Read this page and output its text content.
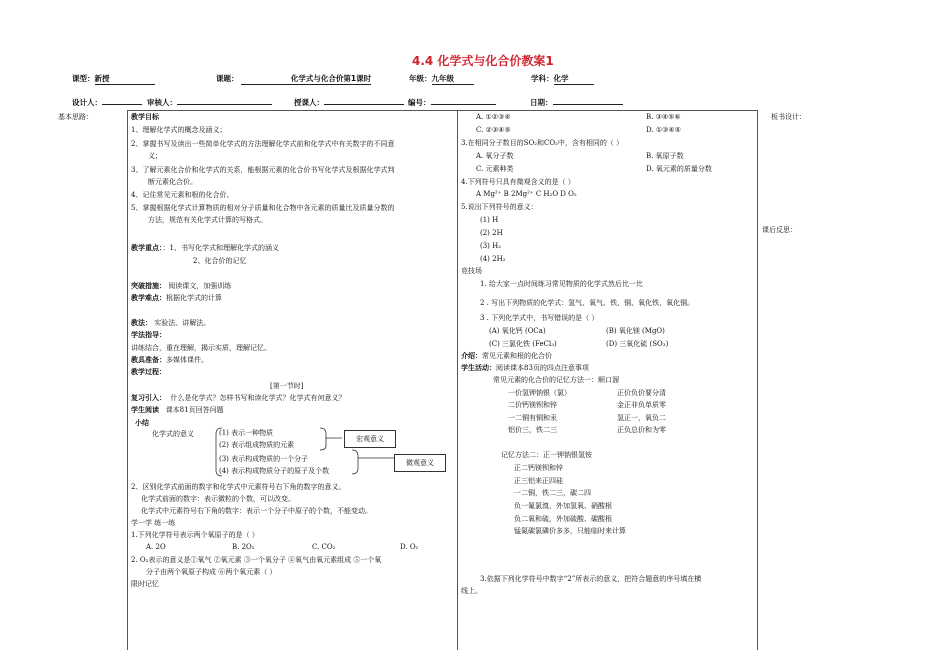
4.4 化学式与化合价教案1
课型：新授	课题：	化学式与化合价第1课时	年级：九年级	学科：化学
设计人：	审核人：	授课人：	编号：	日期：
基本思路：	板书设计：
课后反思：
教学目标
1、理解化学式的概念及涵义；
2、掌握书写及读出一些简单化学式的方法理解化学式前和化学式中有关数字的不同意
义；
3、了解元素化合价和化学式的关系，能根据元素的化合价书写化学式及根据化学式判
断元素化合价。
4、记住常见元素和根的化合价。
5、掌握根据化学式计算物质的相对分子质量和化合物中各元素的质量比及质量分数的
方法，规范有关化学式计算的写格式。
教学重点：：1、书写化学式和理解化学式的涵义
2、化合价的记忆
突破措施： 阅读课文，加强训练
教学难点：根据化学式的计算
教法： 实验法、讲解法。
学法指导：
讲练结合，重在理解，揭示实质，理解记忆。
教具准备：多媒体课件。
教学过程：
[第一节时]
复习引入： 什么是化学式？怎样书写和读化学式？化学式有何意义？
学生阅读 课本81页回答问题
小结
化学式的意义	(1) 表示一种物质
(2) 表示组成物质的元素
(3) 表示构成物质的一个分子
(4) 表示构成物质分子的原子及个数
宏观意义
微观意义
2、区别化学式前面的数字和化学式中元素符号右下角的数字的意义。
化学式前面的数字：表示微粒的个数，可以改变。
化学式中元素符号右下角的数字：表示一个分子中原子的个数，不能变动。
学一学 练一练
1.下列化学符号表示两个氧原子的是（ ）
A. 2O	B. 2O₂	C. CO₂	D. O₂
2. O₂表示的意义是①氧气 ②氧元素 ③一个氧分子 ④氧气由氧元素组成 ⑤一个氧
分子由两个氧原子构成 ⑥两个氧元素（ ）
限时记忆
A. ①②③④	B. ③④⑤⑥
C. ②③④⑤	D. ①③④⑤
3.在相同分子数目的SO₂和CO₂中，含有相同的（ ）
A. 氧分子数	B. 氧原子数
C. 元素种类	D. 氧元素的质量分数
4.下列符号只具有微观含义的是（ ）
A Mg²⁺ B 2Mg²⁺ C H₂O D O₂
5.说出下列符号的意义：
(1) H
(2) 2H
(3) H₂
(4) 2H₂
竞技场
1. 给大家一点时间练习常见物质的化学式然后比一比
2 . 写出下列物质的化学式：氢气、氧气、铁、铜、氧化铁、氧化铜。
3 . 下列化学式中，书写错误的是（ ）
(A) 氧化钙 (OCa)	(B) 氧化镁 (MgO)
(C) 三氯化铁 (FeCl₃)	(D) 三氧化硫 (SO₃)
介绍：常见元素和根的化合价
学生活动：阅读课本83页的四点注意事项
常见元素的化合价的记忆方法一：顺口溜
一价氢钾钠银（氯）	正价负价要分清
二价钙镁钡和锌	金正非负单质零
一二铜有铜和汞	氢正一，氧负二
铝价三，铁二三	正负总价和为零
记忆方法二：正一钾钠银氢铵
正二钙镁钡和锌
正三铝来正四硅
一二铜，铁二三，碳二四
负一氟氯溴，外加氢氧、硝酸根
负二氧和硫，外加硫酸、碳酸根
锰氮碳氯磷价多多，只能临时来计算
3.依据下列化学符号中数字“2”所表示的意义，把符合题意的序号填在横
线上。
